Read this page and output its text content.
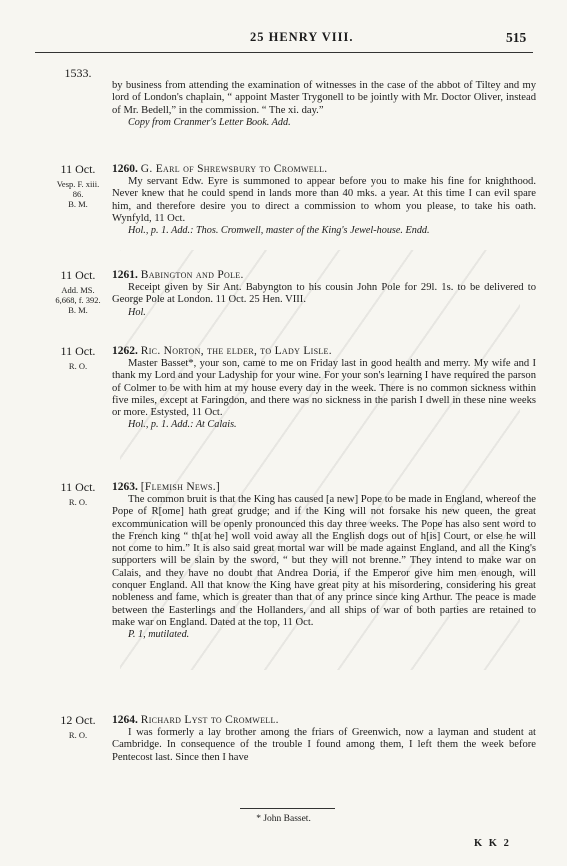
25 HENRY VIII.	515
1533.

by business from attending the examination of witnesses in the case of the abbot of Tiltey and my lord of London's chaplain, “ appoint Master Trygonell to be jointly with Mr. Doctor Oliver, instead of Mr. Bedell,” in the commission. “ The xi. day.”

Copy from Cranmer's Letter Book. Add.

11 Oct.
Vesp. F. xiii.
86.
B. M.
1260. G. Earl of Shrewsbury to Cromwell.

My servant Edw. Eyre is summoned to appear before you to make his fine for knighthood. Never knew that he could spend in lands more than 40 mks. a year. At this time I can evil spare him, and therefore desire you to direct a commission to whom you please, to take his oath. Wynfyld, 11 Oct.

Hol., p. 1. Add.: Thos. Cromwell, master of the King's Jewel-house. Endd.

11 Oct.
Add. MS.
6,668, f. 392.
B. M.
1261. Babington and Pole.

Receipt given by Sir Ant. Babyngton to his cousin John Pole for 29l. 1s. to be delivered to George Pole at London. 11 Oct. 25 Hen. VIII.

Hol.

11 Oct.
R. O.
1262. Ric. Norton, the elder, to Lady Lisle.

Master Basset*, your son, came to me on Friday last in good health and merry. My wife and I thank my Lord and your Ladyship for your wine. For your son's learning I have required the parson of Colmer to be with him at my house every day in the week. There is no common sickness within five miles, except at Faringdon, and there was no sickness in the parish I dwell in these nine weeks or more. Estysted, 11 Oct.

Hol., p. 1. Add.: At Calais.

11 Oct.
R. O.
1263. [Flemish News.]

The common bruit is that the King has caused [a new] Pope to be made in England, whereof the Pope of R[ome] hath great grudge; and if the King will not forsake his new queen, the great excommunication will be openly pronounced this day three weeks. The Pope has also sent word to the French king “ th[at he] woll void away all the English dogs out of h[is] Court, or else he will not come to him.” It is also said great mortal war will be made against England, and all the King's supporters will be slain by the sword, “ but they will not brenne.” They intend to make war on Calais, and they have no doubt that Andrea Doria, if the Emperor give him men enough, will conquer England. All that know the King have great pity at his misordering, considering his great nobleness and fame, which is greater than that of any prince since king Arthur. The peace is made between the Easterlings and the Hollanders, and all ships of war of both parties are retained to make war on England. Dated at the top, 11 Oct.

P. 1, mutilated.

12 Oct.
R. O.
1264. Richard Lyst to Cromwell.

I was formerly a lay brother among the friars of Greenwich, now a layman and student at Cambridge. In consequence of the trouble I found among them, I left them the week before Pentecost last. Since then I have

* John Basset.
K K 2
